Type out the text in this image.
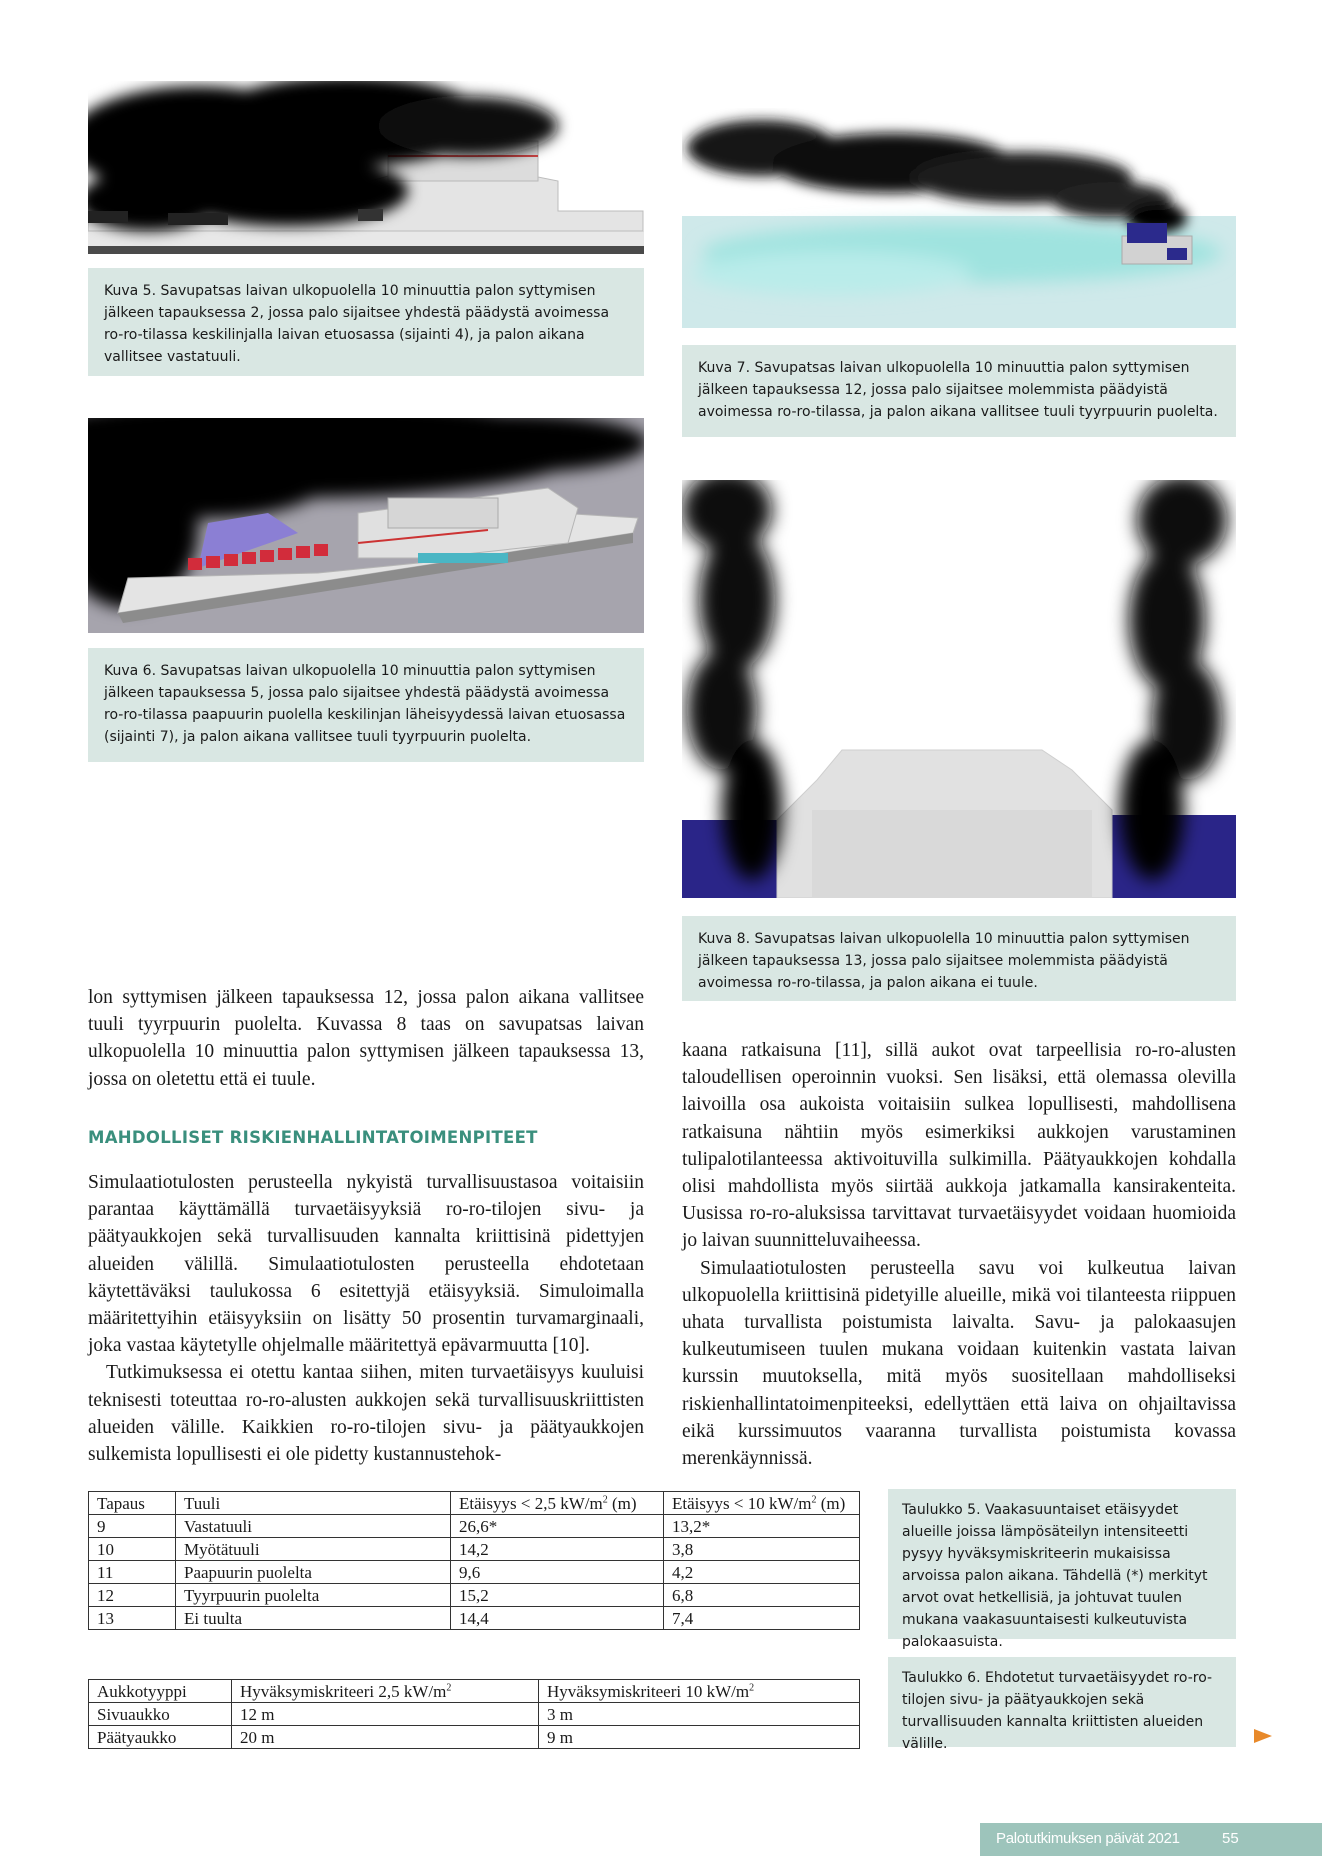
Kuva 5. Savupatsas laivan ulkopuolella 10 minuuttia palon syttymisen jälkeen tapauksessa 2, jossa palo sijaitsee yhdestä päädystä avoimessa ro-ro-tilassa keskilinjalla laivan etuosassa (sijainti 4), ja palon aikana vallitsee vastatuuli.
Kuva 7. Savupatsas laivan ulkopuolella 10 minuuttia palon syttymisen jälkeen tapauksessa 12, jossa palo sijaitsee molemmista päädyistä avoimessa ro-ro-tilassa, ja palon aikana vallitsee tuuli tyyrpuurin puolelta.
Kuva 6. Savupatsas laivan ulkopuolella 10 minuuttia palon syttymisen jälkeen tapauksessa 5, jossa palo sijaitsee yhdestä päädystä avoimessa ro-ro-tilassa paapuurin puolella keskilinjan läheisyydessä laivan etuosassa (sijainti 7), ja palon aikana vallitsee tuuli tyyrpuurin puolelta.
Kuva 8. Savupatsas laivan ulkopuolella 10 minuuttia palon syttymisen jälkeen tapauksessa 13, jossa palo sijaitsee molemmista päädyistä avoimessa ro-ro-tilassa, ja palon aikana ei tuule.

lon syttymisen jälkeen tapauksessa 12, jossa palon aikana vallitsee tuuli tyyrpuurin puolelta. Kuvassa 8 taas on savupatsas laivan ulkopuolella 10 minuuttia palon syttymisen jälkeen tapauksessa 13, jossa on oletettu että ei tuule.

MAHDOLLISET RISKIENHALLINTATOIMENPITEET

Simulaatiotulosten perusteella nykyistä turvallisuustasoa voitaisiin parantaa käyttämällä turvaetäisyyksiä ro-ro-tilojen sivu- ja päätyaukkojen sekä turvallisuuden kannalta kriittisinä pidettyjen alueiden välillä. Simulaatiotulosten perusteella ehdotetaan käytettäväksi taulukossa 6 esitettyjä etäisyyksiä. Simuloimalla määritettyihin etäisyyksiin on lisätty 50 prosentin turvamarginaali, joka vastaa käytetylle ohjelmalle määritettyä epävarmuutta [10].

Tutkimuksessa ei otettu kantaa siihen, miten turvaetäisyys kuuluisi teknisesti toteuttaa ro-ro-alusten aukkojen sekä turvallisuuskriittisten alueiden välille. Kaikkien ro-ro-tilojen sivu- ja päätyaukkojen sulkemista lopullisesti ei ole pidetty kustannustehok-

kaana ratkaisuna [11], sillä aukot ovat tarpeellisia ro-ro-alusten taloudellisen operoinnin vuoksi. Sen lisäksi, että olemassa olevilla laivoilla osa aukoista voitaisiin sulkea lopullisesti, mahdollisena ratkaisuna nähtiin myös esimerkiksi aukkojen varustaminen tulipalotilanteessa aktivoituvilla sulkimilla. Päätyaukkojen kohdalla olisi mahdollista myös siirtää aukkoja jatkamalla kansirakenteita. Uusissa ro-ro-aluksissa tarvittavat turvaetäisyydet voidaan huomioida jo laivan suunnitteluvaiheessa.

Simulaatiotulosten perusteella savu voi kulkeutua laivan ulkopuolella kriittisinä pidetyille alueille, mikä voi tilanteesta riippuen uhata turvallista poistumista laivalta. Savu- ja palokaasujen kulkeutumiseen tuulen mukana voidaan kuitenkin vastata laivan kurssin muutoksella, mitä myös suositellaan mahdolliseksi riskienhallintatoimenpiteeksi, edellyttäen että laiva on ohjailtavissa eikä kurssimuutos vaaranna turvallista poistumista kovassa merenkäynnissä.

Tapaus	Tuuli	Etäisyys < 2,5 $kW/m^2$ (m)	Etäisyys < 10 $kW/m^2$ (m)
9	Vastatuuli	26,6*	13,2*
10	Myötätuuli	14,2	3,8
11	Paapuurin puolelta	9,6	4,2
12	Tyyrpuurin puolelta	15,2	6,8
13	Ei tuulta	14,4	7,4
Taulukko 5. Vaakasuuntaiset etäisyydet alueille joissa lämpösäteilyn intensiteetti pysyy hyväksymiskriteerin mukaisissa arvoissa palon aikana. Tähdellä (*) merkityt arvot ovat hetkellisiä, ja johtuvat tuulen mukana vaakasuuntaisesti kulkeutuvista palokaasuista.
Aukkotyyppi	Hyväksymiskriteeri 2,5 $kW/m^2$	Hyväksymiskriteeri 10 $kW/m^2$
Sivuaukko	12 m	3 m
Päätyaukko	20 m	9 m
Taulukko 6. Ehdotetut turvaetäisyydet ro-ro-tilojen sivu- ja päätyaukkojen sekä turvallisuuden kannalta kriittisten alueiden välille.
Palotutkimuksen päivät 2021	55
